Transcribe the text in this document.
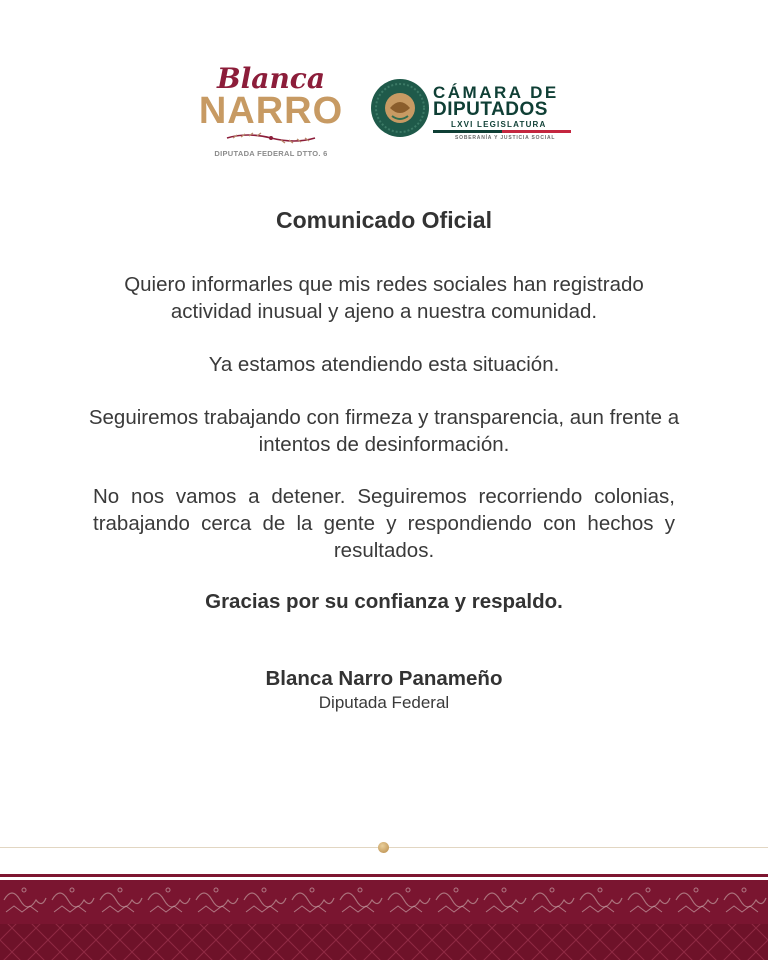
Blanca
NARRO
DIPUTADA FEDERAL DTTO. 6
CÁMARA DE
DIPUTADOS
LXVI LEGISLATURA
SOBERANÍA Y JUSTICIA SOCIAL
Comunicado Oficial
Quiero informarles que mis redes sociales han registrado actividad inusual y ajeno a nuestra comunidad.
Ya estamos atendiendo esta situación.
Seguiremos trabajando con firmeza y transparencia, aun frente a intentos de desinformación.
No nos vamos a detener. Seguiremos recorriendo colonias, trabajando cerca de la gente y respondiendo con hechos y resultados.
Gracias por su confianza y respaldo.
Blanca Narro Panameño
Diputada Federal
